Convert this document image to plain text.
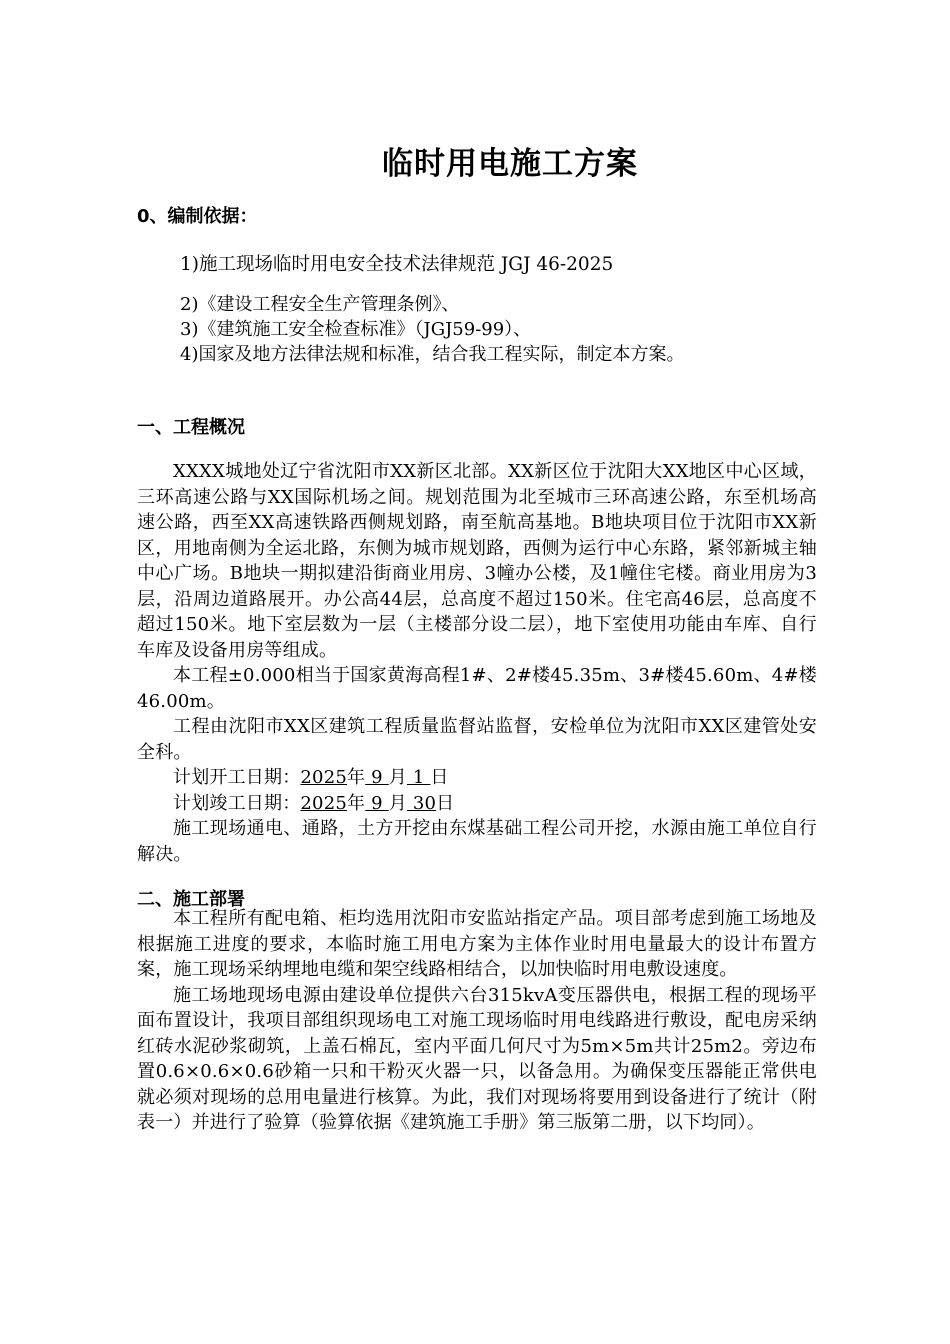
临时用电施工方案
0、编制依据：
1)施工现场临时用电安全技术法律规范 JGJ 46-2025
2)《建设工程安全生产管理条例》、
3)《建筑施工安全检查标准》（JGJ59-99）、
4)国家及地方法律法规和标准，结合我工程实际，制定本方案。
一、工程概况

XXXX城地处辽宁省沈阳市XX新区北部。XX新区位于沈阳大XX地区中心区域，三环高速公路与XX国际机场之间。规划范围为北至城市三环高速公路，东至机场高速公路，西至XX高速铁路西侧规划路，南至航高基地。B地块项目位于沈阳市XX新区，用地南侧为全运北路，东侧为城市规划路，西侧为运行中心东路，紧邻新城主轴中心广场。B地块一期拟建沿街商业用房、3幢办公楼，及1幢住宅楼。商业用房为3层，沿周边道路展开。办公高44层，总高度不超过150米。住宅高46层，总高度不超过150米。地下室层数为一层（主楼部分设二层），地下室使用功能由车库、自行车库及设备用房等组成。

本工程±0.000相当于国家黄海高程1#、2#楼45.35m、3#楼45.60m、4#楼46.00m。

工程由沈阳市XX区建筑工程质量监督站监督，安检单位为沈阳市XX区建管处安全科。

计划开工日期：2025年 9 月 1 日

计划竣工日期：2025年 9 月 30日

施工现场通电、通路，土方开挖由东煤基础工程公司开挖，水源由施工单位自行解决。

二、施工部署

本工程所有配电箱、柜均选用沈阳市安监站指定产品。项目部考虑到施工场地及根据施工进度的要求，本临时施工用电方案为主体作业时用电量最大的设计布置方案，施工现场采纳埋地电缆和架空线路相结合，以加快临时用电敷设速度。

施工场地现场电源由建设单位提供六台315kvA变压器供电，根据工程的现场平面布置设计，我项目部组织现场电工对施工现场临时用电线路进行敷设，配电房采纳红砖水泥砂浆砌筑，上盖石棉瓦，室内平面几何尺寸为5m×5m共计25m2。旁边布置0.6×0.6×0.6砂箱一只和干粉灭火器一只，以备急用。为确保变压器能正常供电就必须对现场的总用电量进行核算。为此，我们对现场将要用到设备进行了统计（附表一）并进行了验算（验算依据《建筑施工手册》第三版第二册，以下均同）。
